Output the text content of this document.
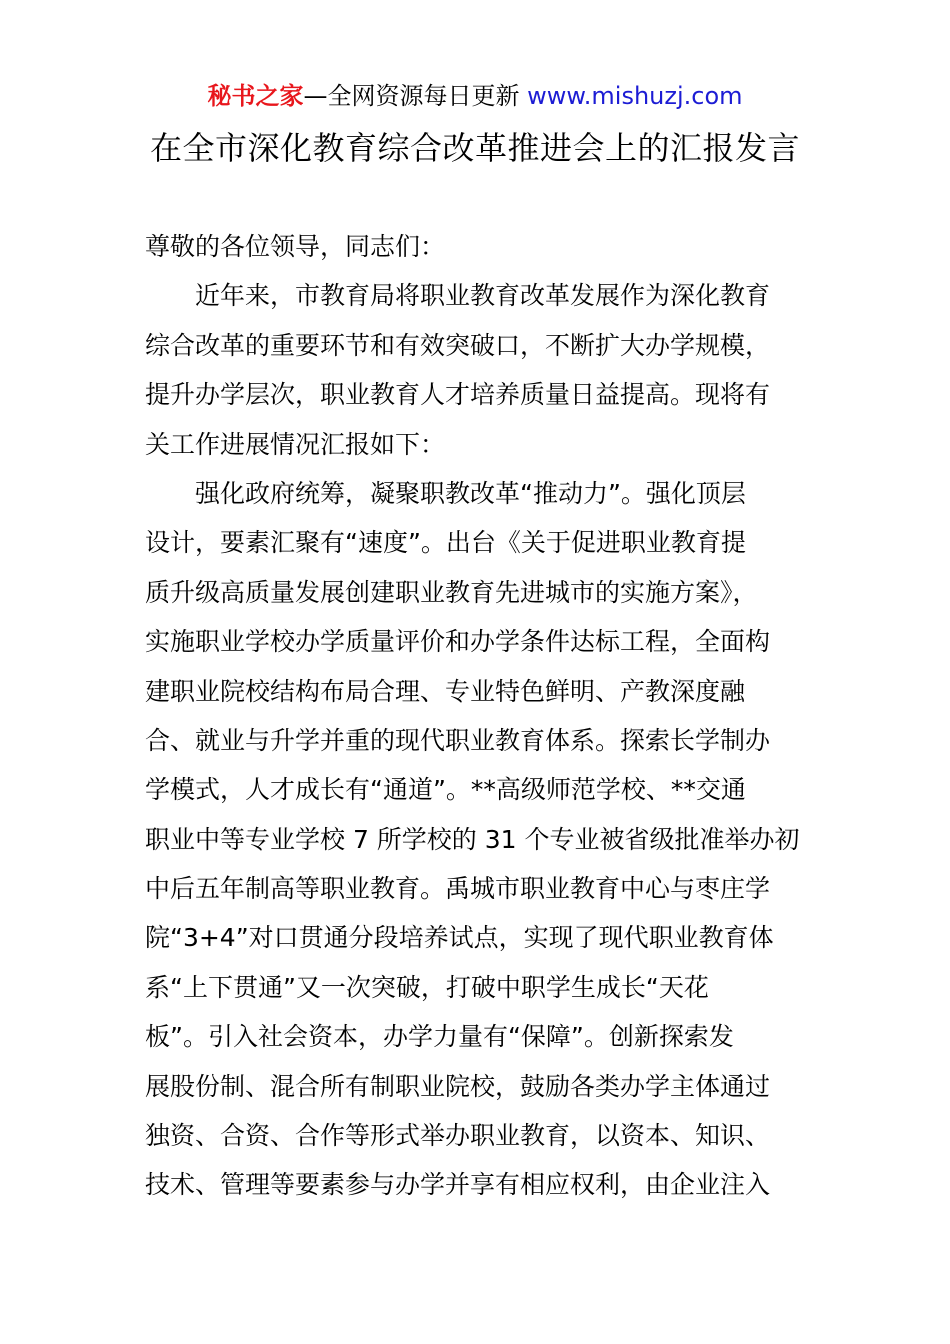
秘书之家—全网资源每日更新 www.mishuzj.com
在全市深化教育综合改革推进会上的汇报发言
尊敬的各位领导，同志们：
近年来，市教育局将职业教育改革发展作为深化教育
综合改革的重要环节和有效突破口，不断扩大办学规模，
提升办学层次，职业教育人才培养质量日益提高。现将有
关工作进展情况汇报如下：
强化政府统筹，凝聚职教改革“推动力”。强化顶层
设计，要素汇聚有“速度”。出台《关于促进职业教育提
质升级高质量发展创建职业教育先进城市的实施方案》，
实施职业学校办学质量评价和办学条件达标工程，全面构
建职业院校结构布局合理、专业特色鲜明、产教深度融
合、就业与升学并重的现代职业教育体系。探索长学制办
学模式，人才成长有“通道”。**高级师范学校、**交通
职业中等专业学校 7 所学校的 31 个专业被省级批准举办初
中后五年制高等职业教育。禹城市职业教育中心与枣庄学
院“3+4”对口贯通分段培养试点，实现了现代职业教育体
系“上下贯通”又一次突破，打破中职学生成长“天花
板”。引入社会资本，办学力量有“保障”。创新探索发
展股份制、混合所有制职业院校，鼓励各类办学主体通过
独资、合资、合作等形式举办职业教育，以资本、知识、
技术、管理等要素参与办学并享有相应权利，由企业注入
